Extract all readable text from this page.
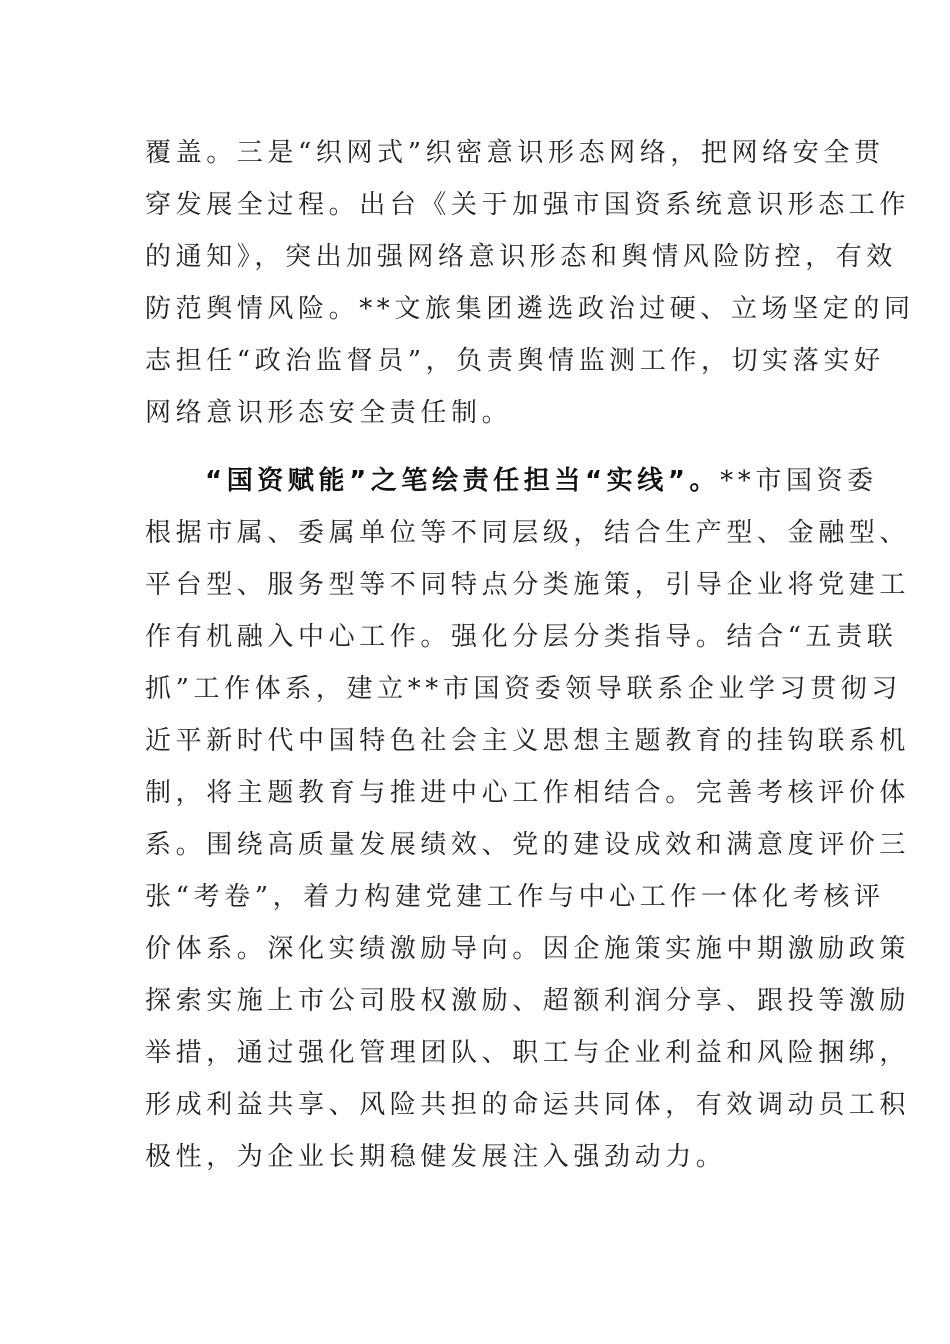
覆盖。三是“织网式”织密意识形态网络，把网络安全贯
穿发展全过程。出台《关于加强市国资系统意识形态工作
的通知》，突出加强网络意识形态和舆情风险防控，有效
防范舆情风险。**文旅集团遴选政治过硬、立场坚定的同
志担任“政治监督员”，负责舆情监测工作，切实落实好
网络意识形态安全责任制。
“国资赋能”之笔绘责任担当“实线”。**市国资委
根据市属、委属单位等不同层级，结合生产型、金融型、
平台型、服务型等不同特点分类施策，引导企业将党建工
作有机融入中心工作。强化分层分类指导。结合“五责联
抓”工作体系，建立**市国资委领导联系企业学习贯彻习
近平新时代中国特色社会主义思想主题教育的挂钩联系机
制，将主题教育与推进中心工作相结合。完善考核评价体
系。围绕高质量发展绩效、党的建设成效和满意度评价三
张“考卷”，着力构建党建工作与中心工作一体化考核评
价体系。深化实绩激励导向。因企施策实施中期激励政策
探索实施上市公司股权激励、超额利润分享、跟投等激励
举措，通过强化管理团队、职工与企业利益和风险捆绑，
形成利益共享、风险共担的命运共同体，有效调动员工积
极性，为企业长期稳健发展注入强劲动力。
